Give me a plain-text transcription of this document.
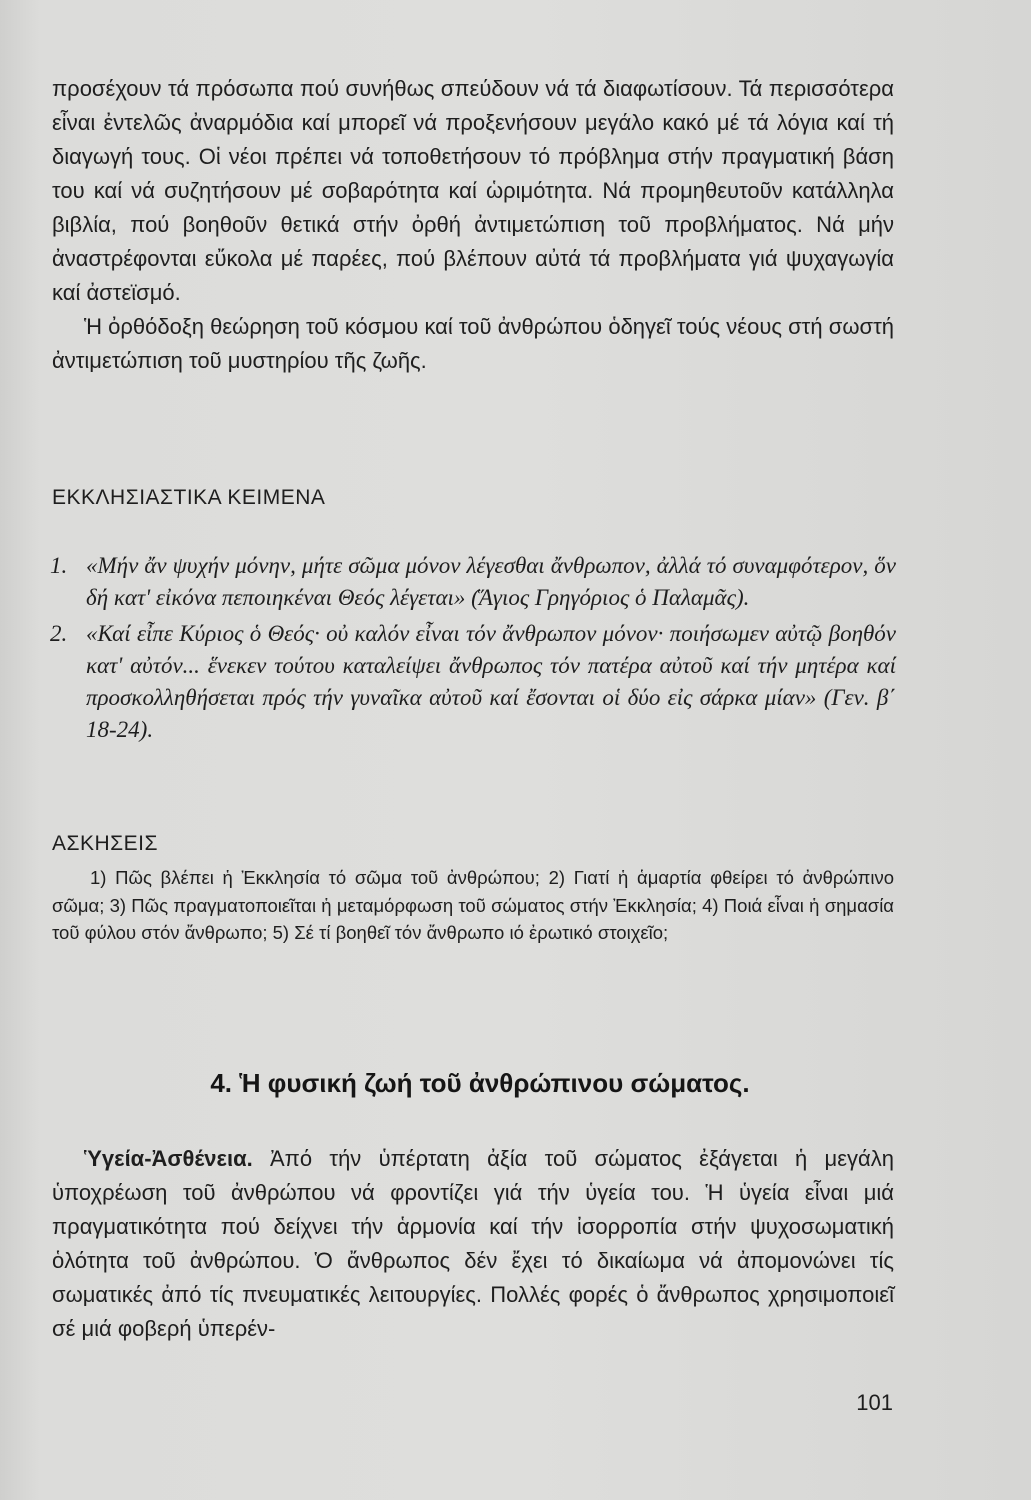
προσέχουν τά πρόσωπα πού συνήθως σπεύδουν νά τά διαφωτίσουν. Τά περισσότερα εἶναι ἐντελῶς ἀναρμόδια καί μπορεῖ νά προξενήσουν μεγάλο κακό μέ τά λόγια καί τή διαγωγή τους. Οἱ νέοι πρέπει νά τοποθετήσουν τό πρόβλημα στήν πραγματική βάση του καί νά συζητήσουν μέ σοβαρότητα καί ὡριμότητα. Νά προμηθευτοῦν κατάλληλα βιβλία, πού βοηθοῦν θετικά στήν ὀρθή ἀντιμετώπιση τοῦ προβλήματος. Νά μήν ἀναστρέφονται εὔκολα μέ παρέες, πού βλέπουν αὐτά τά προβλήματα γιά ψυχαγωγία καί ἀστεϊσμό.

Ἡ ὀρθόδοξη θεώρηση τοῦ κόσμου καί τοῦ ἀνθρώπου ὁδηγεῖ τούς νέους στή σωστή ἀντιμετώπιση τοῦ μυστηρίου τῆς ζωῆς.

ΕΚΚΛΗΣΙΑΣΤΙΚΑ ΚΕΙΜΕΝΑ
1. «Μήν ἄν ψυχήν μόνην, μήτε σῶμα μόνον λέγεσθαι ἄνθρωπον, ἀλλά τό συναμφότερον, ὅν δή κατ' εἰκόνα πεποιηκέναι Θεός λέγεται» (Ἅγιος Γρηγόριος ὁ Παλαμᾶς).
2. «Καί εἶπε Κύριος ὁ Θεός· οὐ καλόν εἶναι τόν ἄνθρωπον μόνον· ποιήσωμεν αὐτῷ βοηθόν κατ' αὐτόν... ἕνεκεν τούτου καταλείψει ἄνθρωπος τόν πατέρα αὐτοῦ καί τήν μητέρα καί προσκολληθήσεται πρός τήν γυναῖκα αὐτοῦ καί ἔσονται οἱ δύο εἰς σάρκα μίαν» (Γεν. β΄ 18-24).
ΑΣΚΗΣΕΙΣ

1) Πῶς βλέπει ἡ Ἐκκλησία τό σῶμα τοῦ ἀνθρώπου; 2) Γιατί ἡ ἁμαρτία φθείρει τό ἀνθρώπινο σῶμα; 3) Πῶς πραγματοποιεῖται ἡ μεταμόρφωση τοῦ σώματος στήν Ἐκκλησία; 4) Ποιά εἶναι ἡ σημασία τοῦ φύλου στόν ἄνθρωπο; 5) Σέ τί βοηθεῖ τόν ἄνθρωπο ιό ἐρωτικό στοιχεῖο;

4. Ἡ φυσική ζωή τοῦ ἀνθρώπινου σώματος.

Ὑγεία-Ἀσθένεια. Ἀπό τήν ὑπέρτατη ἀξία τοῦ σώματος ἐξάγεται ἡ μεγάλη ὑποχρέωση τοῦ ἀνθρώπου νά φροντίζει γιά τήν ὑγεία του. Ἡ ὑγεία εἶναι μιά πραγματικότητα πού δείχνει τήν ἁρμονία καί τήν ἰσορροπία στήν ψυχοσωματική ὁλότητα τοῦ ἀνθρώπου. Ὁ ἄνθρωπος δέν ἔχει τό δικαίωμα νά ἀπομονώνει τίς σωματικές ἀπό τίς πνευματικές λειτουργίες. Πολλές φορές ὁ ἄνθρωπος χρησιμοποιεῖ σέ μιά φοβερή ὑπερέν-

101
